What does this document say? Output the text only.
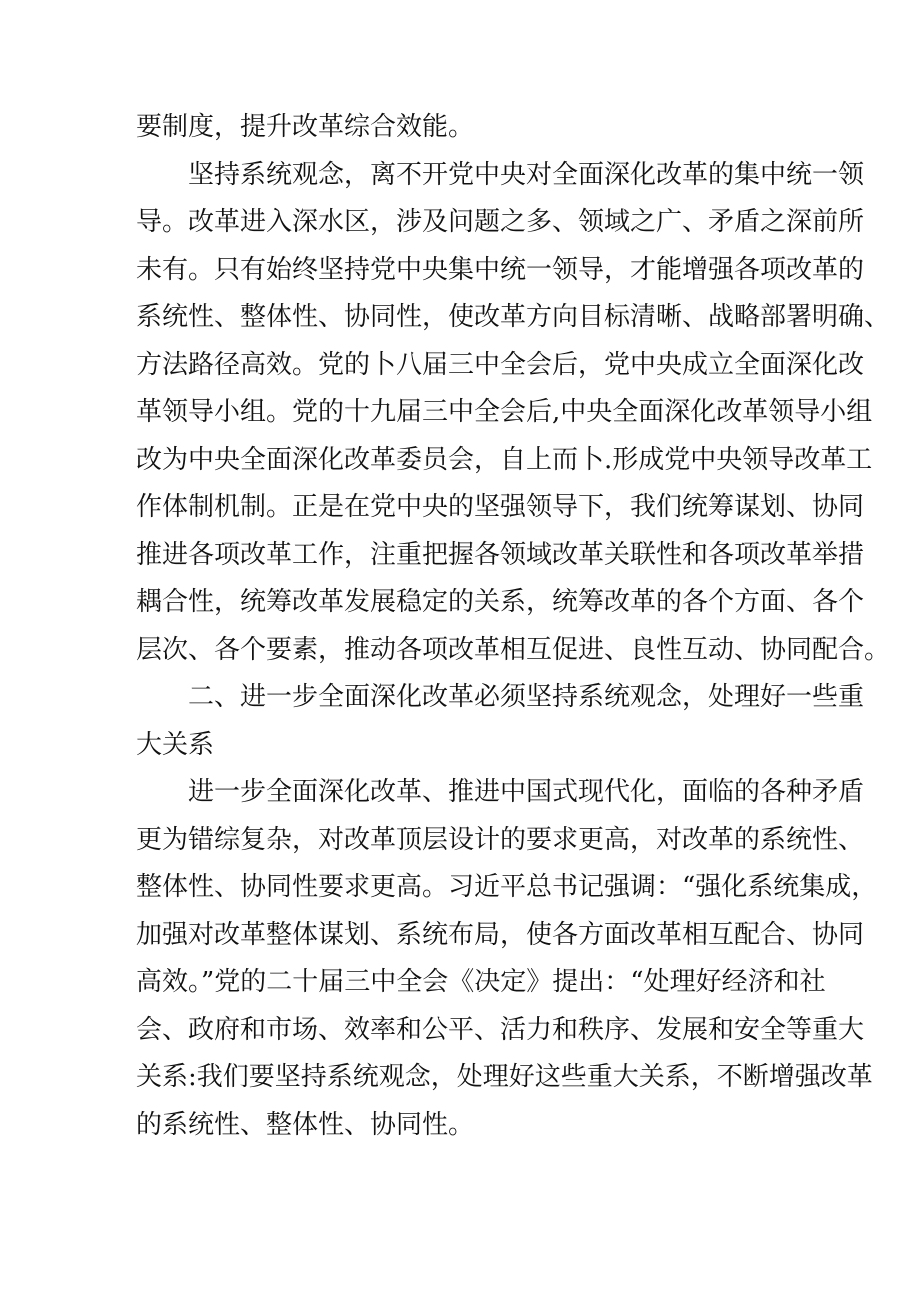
要制度，提升改革综合效能。
坚持系统观念，离不开党中央对全面深化改革的集中统一领
导。改革进入深水区，涉及问题之多、领域之广、矛盾之深前所
未有。只有始终坚持党中央集中统一领导，才能增强各项改革的
系统性、整体性、协同性，使改革方向目标清晰、战略部署明确、
方法路径高效。党的卜八届三中全会后，党中央成立全面深化改
革领导小组。党的十九届三中全会后,中央全面深化改革领导小组
改为中央全面深化改革委员会，自上而卜.形成党中央领导改革工
作体制机制。正是在党中央的坚强领导下，我们统筹谋划、协同
推进各项改革工作，注重把握各领域改革关联性和各项改革举措
耦合性，统筹改革发展稳定的关系，统筹改革的各个方面、各个
层次、各个要素，推动各项改革相互促进、良性互动、协同配合。
二、进一步全面深化改革必须坚持系统观念，处理好一些重
大关系
进一步全面深化改革、推进中国式现代化，面临的各种矛盾
更为错综复杂，对改革顶层设计的要求更高，对改革的系统性、
整体性、协同性要求更高。习近平总书记强调：“强化系统集成，
加强对改革整体谋划、系统布局，使各方面改革相互配合、协同
高效。”党的二十届三中全会《决定》提出：“处理好经济和社
会、政府和市场、效率和公平、活力和秩序、发展和安全等重大
关系:我们要坚持系统观念，处理好这些重大关系，不断增强改革
的系统性、整体性、协同性。
